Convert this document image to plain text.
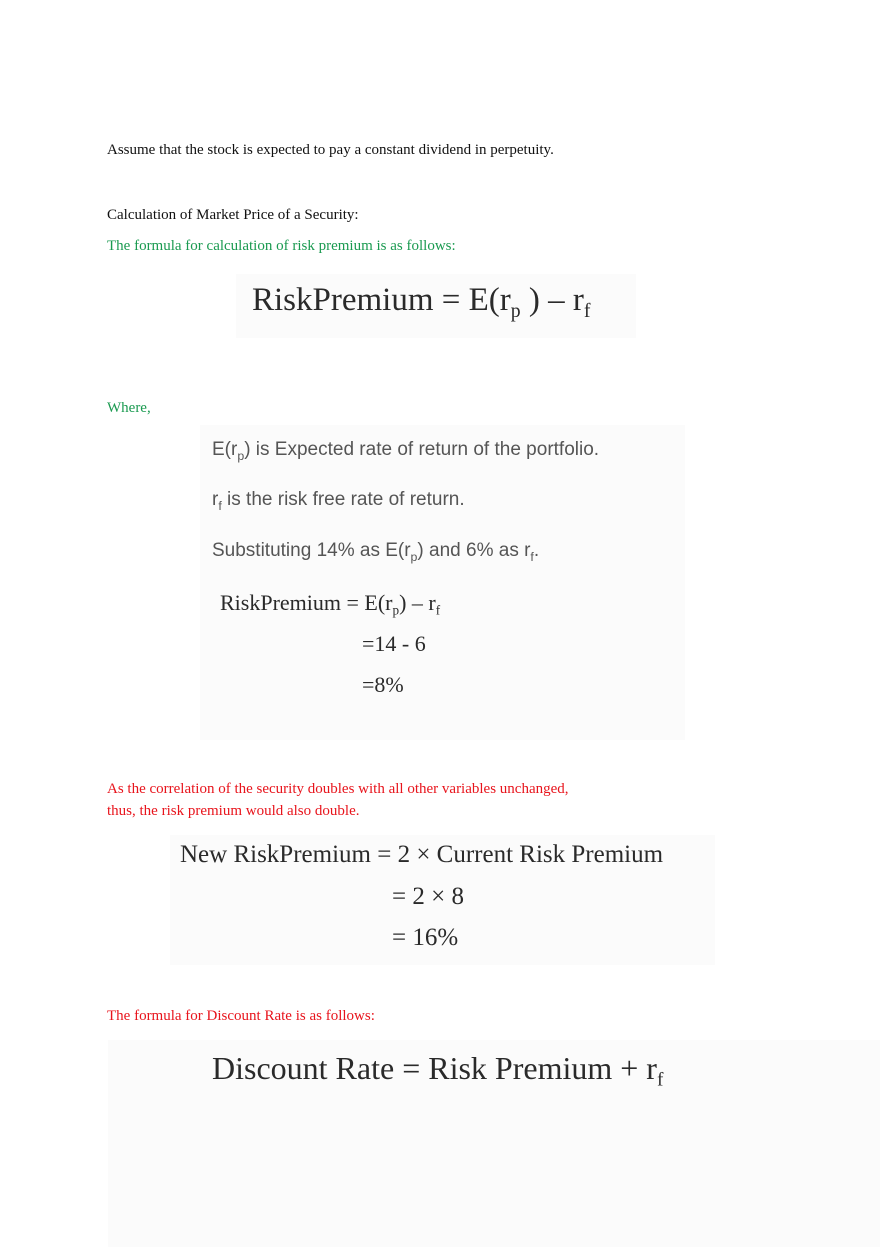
Assume that the stock is expected to pay a constant dividend in perpetuity.

Calculation of Market Price of a Security:

The formula for calculation of risk premium is as follows:

RiskPremium = $E(r_p$ ) – $r_f$

Where,

$E(r_p)$ is Expected rate of return of the portfolio.
$r_f$ is the risk free rate of return.
Substituting 14% as $E(r_p)$ and 6% as $r_f$.
RiskPremium = $E(r_p) - r_f$
=14 - 6
=8%

As the correlation of the security doubles with all other variables unchanged,

thus, the risk premium would also double.

New RiskPremium = 2 × Current Risk Premium
= 2 × 8
= 16%

The formula for Discount Rate is as follows:

Discount Rate = Risk Premium + $r_f$
